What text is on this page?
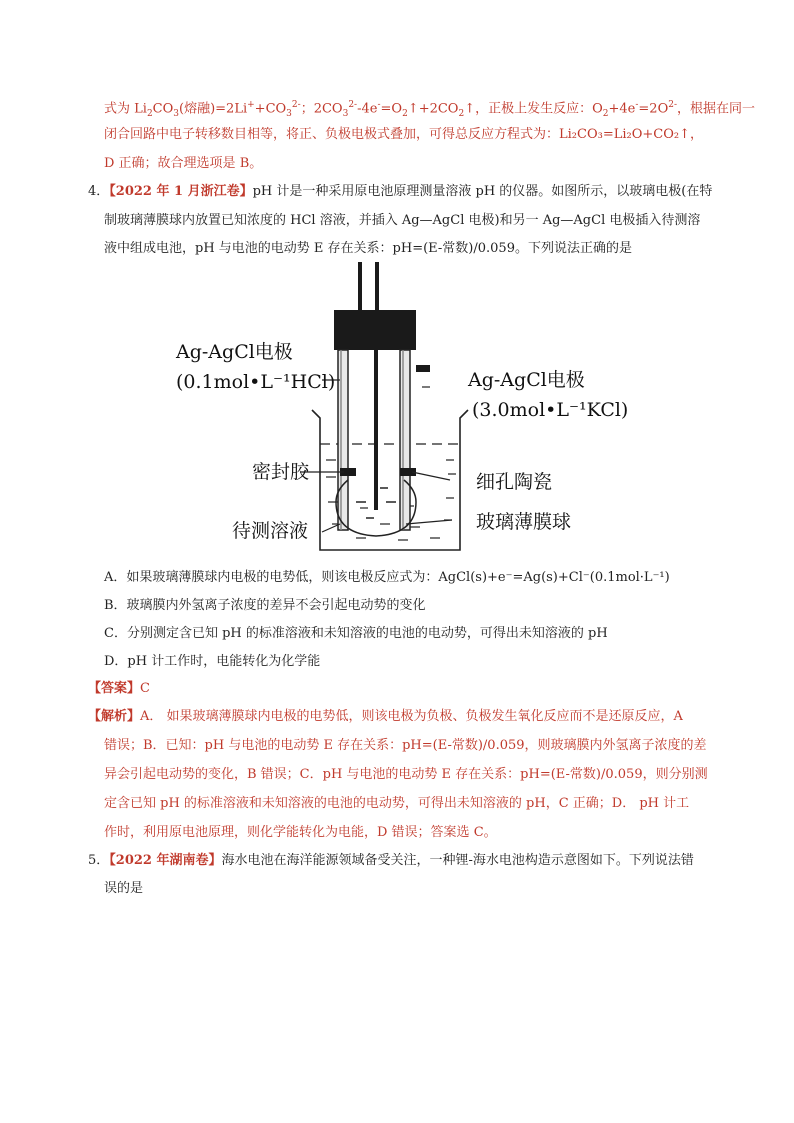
式为 $Li_2CO_3$(熔融)$=2Li^++CO_3^{2-}$；$2CO_3^{2-}-4e^-=O_2↑+2CO_2↑$，正极上发生反应：$O_2+4e^-=2O^{2-}$，根据在同一
闭合回路中电子转移数目相等，将正、负极电极式叠加，可得总反应方程式为：Li₂CO₃=Li₂O+CO₂↑，
D 正确；故合理选项是 B。
4．【2022 年 1 月浙江卷】pH 计是一种采用原电池原理测量溶液 pH 的仪器。如图所示，以玻璃电极(在特
制玻璃薄膜球内放置已知浓度的 HCl 溶液，并插入 Ag—AgCl 电极)和另一 Ag—AgCl 电极插入待测溶
液中组成电池，pH 与电池的电动势 E 存在关系：pH=(E-常数)/0.059。下列说法正确的是
Ag-AgCl电极
(0.1mol•L⁻¹HCl)	Ag-AgCl电极
(3.0mol•L⁻¹KCl)
密封胶
待测溶液
细孔陶瓷
玻璃薄膜球
A．如果玻璃薄膜球内电极的电势低，则该电极反应式为：AgCl(s)+e⁻=Ag(s)+Cl⁻(0.1mol·L⁻¹)
B．玻璃膜内外氢离子浓度的差异不会引起电动势的变化
C．分别测定含已知 pH 的标准溶液和未知溶液的电池的电动势，可得出未知溶液的 pH
D．pH 计工作时，电能转化为化学能
【答案】C
【解析】A． 如果玻璃薄膜球内电极的电势低，则该电极为负极、负极发生氧化反应而不是还原反应，A
错误；B．已知：pH 与电池的电动势 E 存在关系：pH=(E-常数)/0.059，则玻璃膜内外氢离子浓度的差
异会引起电动势的变化，B 错误；C．pH 与电池的电动势 E 存在关系：pH=(E-常数)/0.059，则分别测
定含已知 pH 的标准溶液和未知溶液的电池的电动势，可得出未知溶液的 pH，C 正确；D． pH 计工
作时，利用原电池原理，则化学能转化为电能，D 错误；答案选 C。
5．【2022 年湖南卷】海水电池在海洋能源领域备受关注，一种锂-海水电池构造示意图如下。下列说法错
误的是
